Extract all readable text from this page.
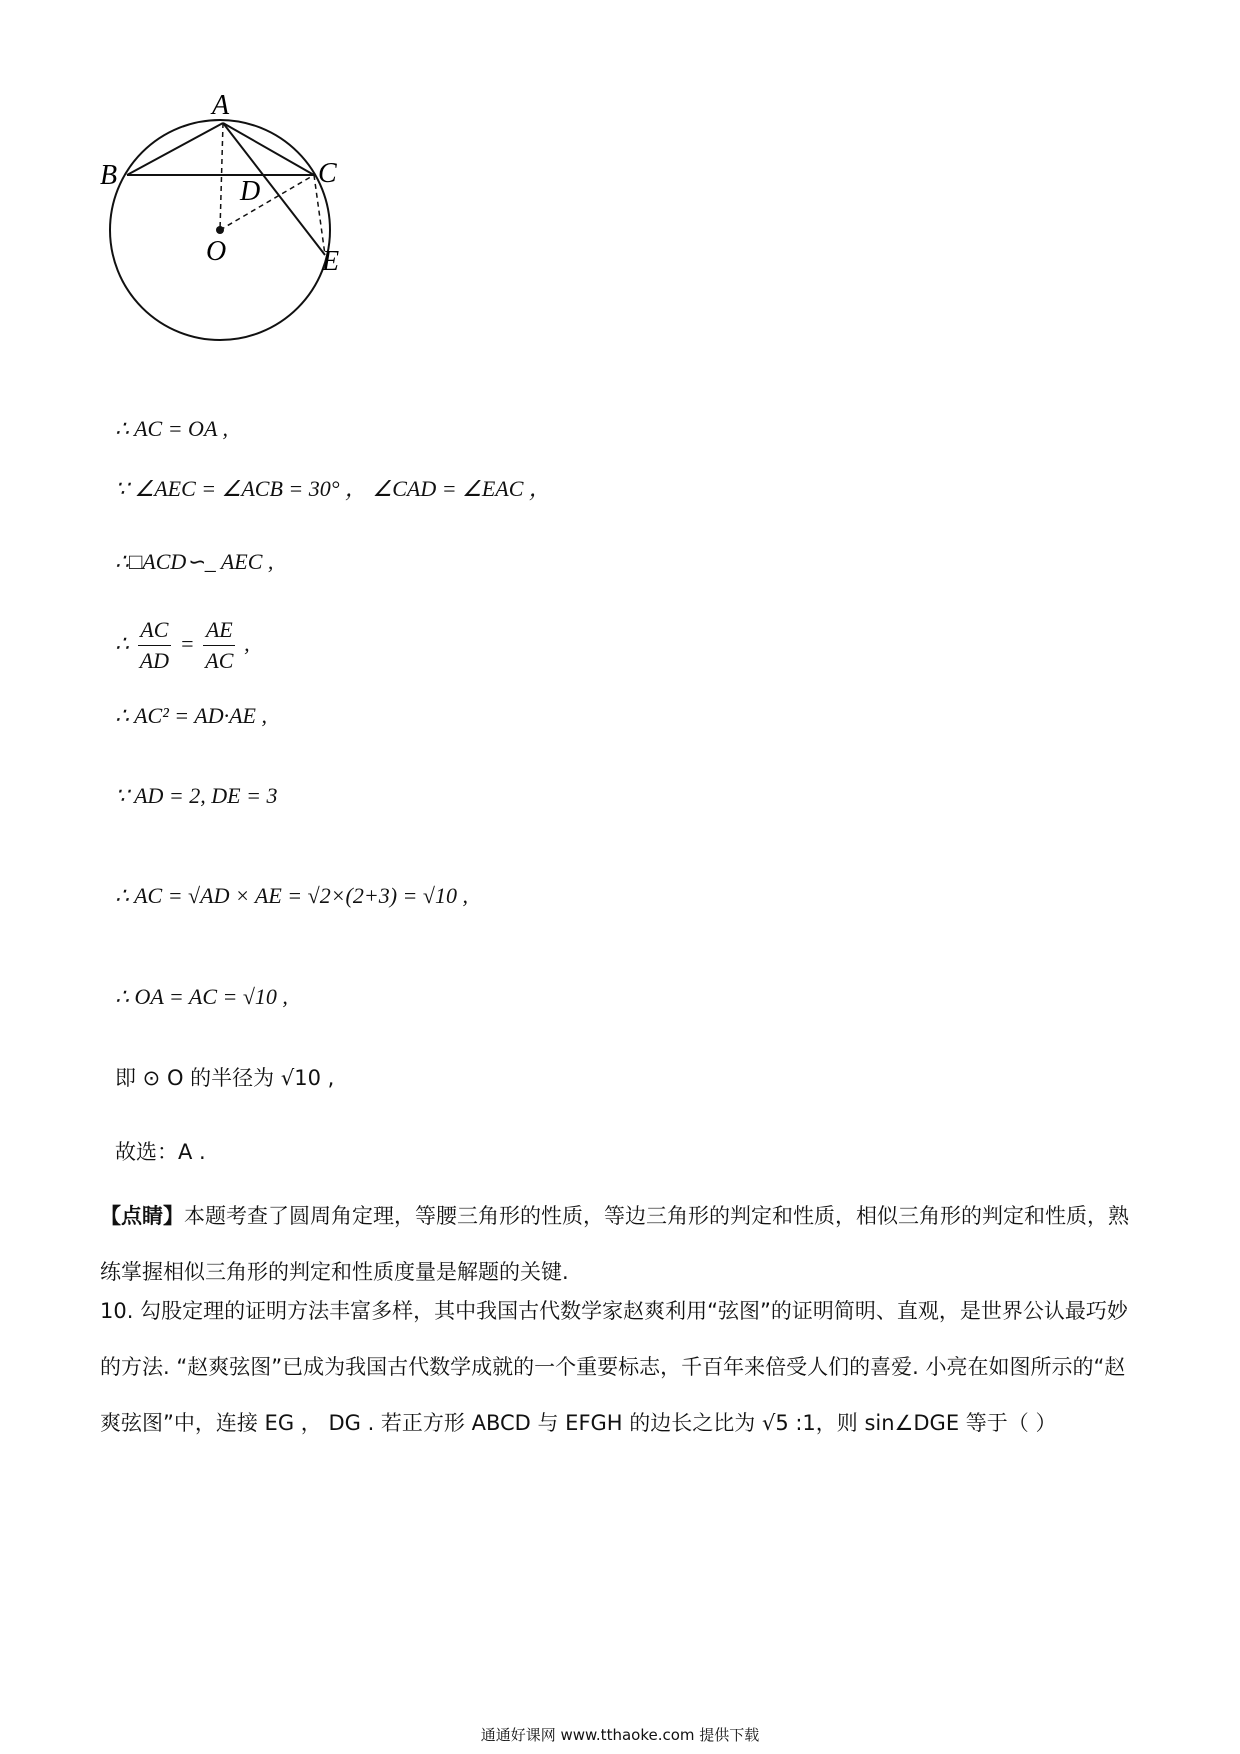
A
B	C
D
O	E
∴ AC = OA ,
∵ ∠AEC = ∠ACB = 30° ， ∠CAD = ∠EAC ，
∴□ACD∽_ AEC ,
∴ $\frac{AC}{AD} = \frac{AE}{AC}$ ,
∴ AC² = AD·AE ,
∵ AD = 2, DE = 3
∴ AC = √AD × AE = √2×(2+3) = √10 ,
∴ OA = AC = √10 ,
即 ⊙ O 的半径为 √10 ,
故选：A .
【点睛】本题考查了圆周角定理，等腰三角形的性质，等边三角形的判定和性质，相似三角形的判定和性质，熟练掌握相似三角形的判定和性质度量是解题的关键.
10. 勾股定理的证明方法丰富多样，其中我国古代数学家赵爽利用“弦图”的证明简明、直观，是世界公认最巧妙的方法. “赵爽弦图”已成为我国古代数学成就的一个重要标志，千百年来倍受人们的喜爱. 小亮在如图所示的“赵爽弦图”中，连接 EG ， DG . 若正方形 ABCD 与 EFGH 的边长之比为 √5 :1，则 sin∠DGE 等于（ ）
通通好课网 www.tthaoke.com 提供下载
